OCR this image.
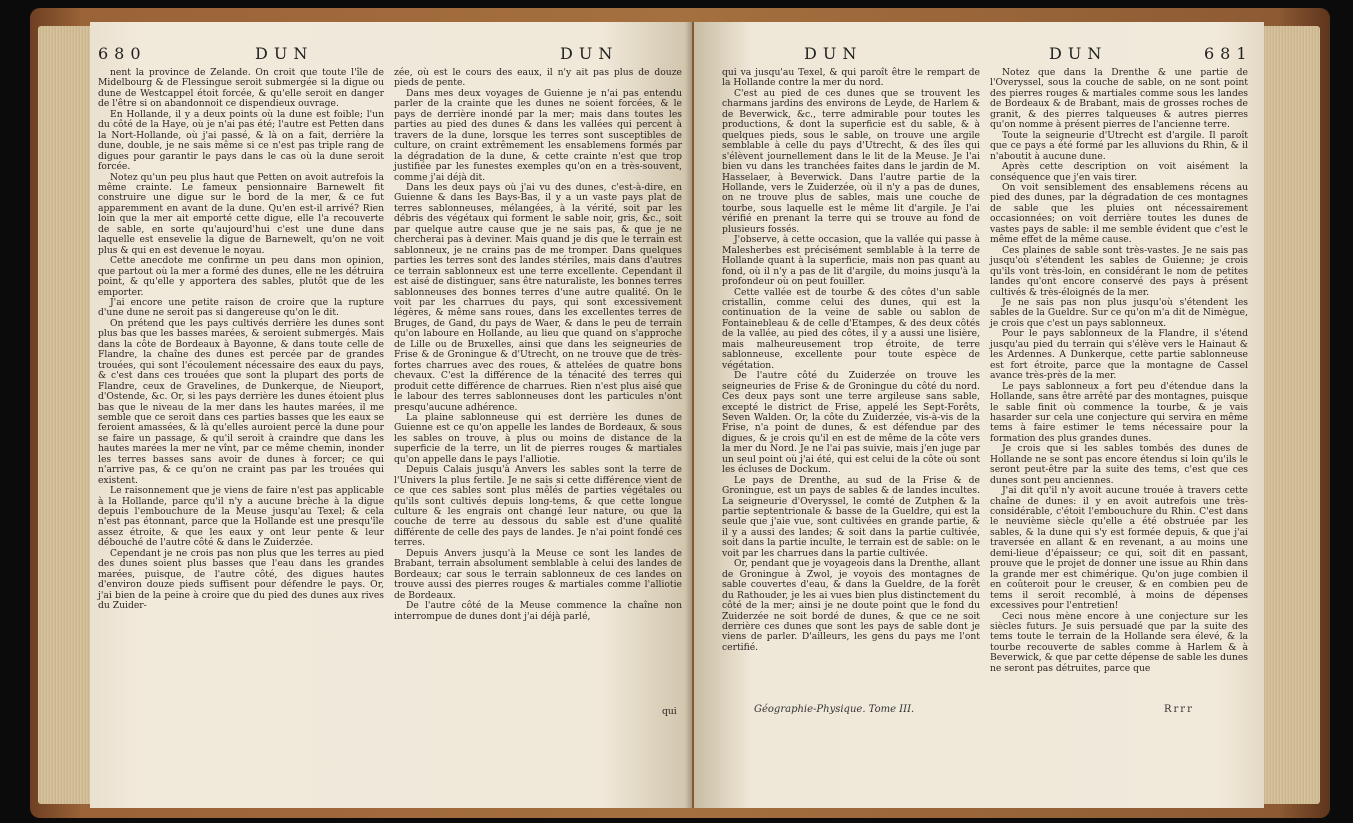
680	DUN	DUN

nent la province de Zelande. On croit que toute l'île de Midelbourg & de Flessingue seroit submergée si la digue ou dune de Westcappel étoit forcée, & qu'elle seroit en danger de l'être si on abandonnoit ce dispendieux ouvrage.

En Hollande, il y a deux points où la dune est foible; l'un du côté de la Haye, où je n'ai pas été; l'autre est Petten dans la Nort-Hollande, où j'ai passé, & là on a fait, derrière la dune, double, je ne sais même si ce n'est pas triple rang de digues pour garantir le pays dans le cas où la dune seroit forcée.

Notez qu'un peu plus haut que Petten on avoit autrefois la même crainte. Le fameux pensionnaire Barnewelt fit construire une digue sur le bord de la mer, & ce fut apparemment en avant de la dune. Qu'en est-il arrivé? Rien loin que la mer ait emporté cette digue, elle l'a recouverte de sable, en sorte qu'aujourd'hui c'est une dune dans laquelle est ensevelie la digue de Barnewelt, qu'on ne voit plus & qui en est devenue le noyau.

Cette anecdote me confirme un peu dans mon opinion, que partout où la mer a formé des dunes, elle ne les détruira point, & qu'elle y apportera des sables, plutôt que de les emporter.

J'ai encore une petite raison de croire que la rupture d'une dune ne seroit pas si dangereuse qu'on le dit.

On prétend que les pays cultivés derrière les dunes sont plus bas que les basses marées, & seroient submergés. Mais dans la côte de Bordeaux à Bayonne, & dans toute celle de Flandre, la chaîne des dunes est percée par de grandes trouées, qui sont l'écoulement nécessaire des eaux du pays, & c'est dans ces trouées que sont la plupart des ports de Flandre, ceux de Gravelines, de Dunkerque, de Nieuport, d'Ostende, &c. Or, si les pays derrière les dunes étoient plus bas que le niveau de la mer dans les hautes marées, il me semble que ce seroit dans ces parties basses que les eaux se feroient amassées, & là qu'elles auroient percé la dune pour se faire un passage, & qu'il seroit à craindre que dans les hautes marées la mer ne vînt, par ce même chemin, inonder les terres basses sans avoir de dunes à forcer; ce qui n'arrive pas, & ce qu'on ne craint pas par les trouées qui existent.

Le raisonnement que je viens de faire n'est pas applicable à la Hollande, parce qu'il n'y a aucune brèche à la digue depuis l'embouchure de la Meuse jusqu'au Texel; & cela n'est pas étonnant, parce que la Hollande est une presqu'île assez étroite, & que les eaux y ont leur pente & leur débouché de l'autre côté & dans le Zuiderzée.

Cependant je ne crois pas non plus que les terres au pied des dunes soient plus basses que l'eau dans les grandes marées, puisque, de l'autre côté, des digues hautes d'environ douze pieds suffisent pour défendre le pays. Or, j'ai bien de la peine à croire que du pied des dunes aux rives du Zuider-

zée, où est le cours des eaux, il n'y ait pas plus de douze pieds de pente.

Dans mes deux voyages de Guienne je n'ai pas entendu parler de la crainte que les dunes ne soient forcées, & le pays de derrière inondé par la mer; mais dans toutes les parties au pied des dunes & dans les vallées qui percent à travers de la dune, lorsque les terres sont susceptibles de culture, on craint extrêmement les ensablemens formés par la dégradation de la dune, & cette crainte n'est que trop justifiée par les funestes exemples qu'on en a très-souvent, comme j'ai déjà dit.

Dans les deux pays où j'ai vu des dunes, c'est-à-dire, en Guienne & dans les Bays-Bas, il y a un vaste pays plat de terres sablonneuses, mélangées, à la vérité, soit par les débris des végétaux qui forment le sable noir, gris, &c., soit par quelque autre cause que je ne sais pas, & que je ne chercherai pas à deviner. Mais quand je dis que le terrain est sablonneux, je ne crains pas de me tromper. Dans quelques parties les terres sont des landes stériles, mais dans d'autres ce terrain sablonneux est une terre excellente. Cependant il est aisé de distinguer, sans être naturaliste, les bonnes terres sablonneuses des bonnes terres d'une autre qualité. On le voit par les charrues du pays, qui sont excessivement légères, & même sans roues, dans les excellentes terres de Bruges, de Gand, du pays de Waer, & dans le peu de terrain qu'on laboure en Hollande, au lieu que quand on s'approche de Lille ou de Bruxelles, ainsi que dans les seigneuries de Frise & de Groningue & d'Utrecht, on ne trouve que de très-fortes charrues avec des roues, & attelées de quatre bons chevaux. C'est la différence de la ténacité des terres qui produit cette différence de charrues. Rien n'est plus aisé que le labour des terres sablonneuses dont les particules n'ont presqu'aucune adhérence.

La plaine sablonneuse qui est derrière les dunes de Guienne est ce qu'on appelle les landes de Bordeaux, & sous les sables on trouve, à plus ou moins de distance de la superficie de la terre, un lit de pierres rouges & martiales qu'on appelle dans le pays l'alliotie.

Depuis Calais jusqu'à Anvers les sables sont la terre de l'Univers la plus fertile. Je ne sais si cette différence vient de ce que ces sables sont plus mêlés de parties végétales ou qu'ils sont cultivés depuis long-tems, & que cette longue culture & les engrais ont changé leur nature, ou que la couche de terre au dessous du sable est d'une qualité différente de celle des pays de landes. Je n'ai point fondé ces terres.

Depuis Anvers jusqu'à la Meuse ce sont les landes de Brabant, terrain absolument semblable à celui des landes de Bordeaux; car sous le terrain sablonneux de ces landes on trouve aussi des pierres rouges & martiales comme l'alliotie de Bordeaux.

De l'autre côté de la Meuse commence la chaîne non interrompue de dunes dont j'ai déjà parlé,

qui
DUN	DUN	681

qui va jusqu'au Texel, & qui paroît être le rempart de la Hollande contre la mer du nord.

C'est au pied de ces dunes que se trouvent les charmans jardins des environs de Leyde, de Harlem & de Beverwick, &c., terre admirable pour toutes les productions, & dont la superficie est du sable, & à quelques pieds, sous le sable, on trouve une argile semblable à celle du pays d'Utrecht, & des îles qui s'élèvent journellement dans le lit de la Meuse. Je l'ai bien vu dans les tranchées faites dans le jardin de M. Hasselaer, à Beverwick. Dans l'autre partie de la Hollande, vers le Zuiderzée, où il n'y a pas de dunes, on ne trouve plus de sables, mais une couche de tourbe, sous laquelle est le même lit d'argile. Je l'ai vérifié en prenant la terre qui se trouve au fond de plusieurs fossés.

J'observe, à cette occasion, que la vallée qui passe à Malesherbes est précisément semblable à la terre de Hollande quant à la superficie, mais non pas quant au fond, où il n'y a pas de lit d'argile, du moins jusqu'à la profondeur où on peut fouiller.

Cette vallée est de tourbe & des côtes d'un sable cristallin, comme celui des dunes, qui est la continuation de la veine de sable ou sablon de Fontainebleau & de celle d'Etampes, & des deux côtés de la vallée, au pied des côtes, il y a aussi une lisière, mais malheureusement trop étroite, de terre sablonneuse, excellente pour toute espèce de végétation.

De l'autre côté du Zuiderzée on trouve les seigneuries de Frise & de Groningue du côté du nord. Ces deux pays sont une terre argileuse sans sable, excepté le district de Frise, appelé les Sept-Forêts, Seven Walden. Or, la côte du Zuiderzée, vis-à-vis de la Frise, n'a point de dunes, & est défendue par des digues, & je crois qu'il en est de même de la côte vers la mer du Nord. Je ne l'ai pas suivie, mais j'en juge par un seul point où j'ai été, qui est celui de la côte où sont les écluses de Dockum.

Le pays de Drenthe, au sud de la Frise & de Groningue, est un pays de sables & de landes incultes. La seigneurie d'Overyssel, le comté de Zutphen & la partie septentrionale & basse de la Gueldre, qui est la seule que j'aie vue, sont cultivées en grande partie, & il y a aussi des landes; & soit dans la partie cultivée, soit dans la partie inculte, le terrain est de sable: on le voit par les charrues dans la partie cultivée.

Or, pendant que je voyageois dans la Drenthe, allant de Groningue à Zwol, je voyois des montagnes de sable couvertes d'eau, & dans la Gueldre, de la forêt du Rathouder, je les ai vues bien plus distinctement du côté de la mer; ainsi je ne doute point que le fond du Zuiderzée ne soit bordé de dunes, & que ce ne soit derrière ces dunes que sont les pays de sable dont je viens de parler. D'ailleurs, les gens du pays me l'ont certifié.

Notez que dans la Drenthe & une partie de l'Overyssel, sous la couche de sable, on ne sont point des pierres rouges & martiales comme sous les landes de Bordeaux & de Brabant, mais de grosses roches de granit, & des pierres talqueuses & autres pierres qu'on nomme à présent pierres de l'ancienne terre.

Toute la seigneurie d'Utrecht est d'argile. Il paroît que ce pays a été formé par les alluvions du Rhin, & il n'aboutit à aucune dune.

Après cette description on voit aisément la conséquence que j'en vais tirer.

On voit sensiblement des ensablemens récens au pied des dunes, par la dégradation de ces montagnes de sable que les pluies ont nécessairement occasionnées; on voit derrière toutes les dunes de vastes pays de sable: il me semble évident que c'est le même effet de la même cause.

Ces plaines de sable sont très-vastes. Je ne sais pas jusqu'où s'étendent les sables de Guienne; je crois qu'ils vont très-loin, en considérant le nom de petites landes qu'ont encore conservé des pays à présent cultivés & très-éloignés de la mer.

Je ne sais pas non plus jusqu'où s'étendent les sables de la Gueldre. Sur ce qu'on m'a dit de Nimègue, je crois que c'est un pays sablonneux.

Pour le pays sablonneux de la Flandre, il s'étend jusqu'au pied du terrain qui s'élève vers le Hainaut & les Ardennes. A Dunkerque, cette partie sablonneuse est fort étroite, parce que la montagne de Cassel avance très-près de la mer.

Le pays sablonneux a fort peu d'étendue dans la Hollande, sans être arrêté par des montagnes, puisque le sable finit où commence la tourbe, & je vais hasarder sur cela une conjecture qui servira en même tems à faire estimer le tems nécessaire pour la formation des plus grandes dunes.

Je crois que si les sables tombés des dunes de Hollande ne se sont pas encore étendus si loin qu'ils le seront peut-être par la suite des tems, c'est que ces dunes sont peu anciennes.

J'ai dit qu'il n'y avoit aucune trouée à travers cette chaîne de dunes: il y en avoit autrefois une très-considérable, c'étoit l'embouchure du Rhin. C'est dans le neuvième siècle qu'elle a été obstruée par les sables, & la dune qui s'y est formée depuis, & que j'ai traversée en allant & en revenant, a au moins une demi-lieue d'épaisseur; ce qui, soit dit en passant, prouve que le projet de donner une issue au Rhin dans la grande mer est chimérique. Qu'on juge combien il en coûteroit pour le creuser, & en combien peu de tems il seroit recomblé, à moins de dépenses excessives pour l'entretien!

Ceci nous mène encore à une conjecture sur les siècles futurs. Je suis persuadé que par la suite des tems toute le terrain de la Hollande sera élevé, & la tourbe recouverte de sables comme à Harlem & à Beverwick, & que par cette dépense de sable les dunes ne seront pas détruites, parce que

Géographie-Physique. Tome III.	Rrrr
